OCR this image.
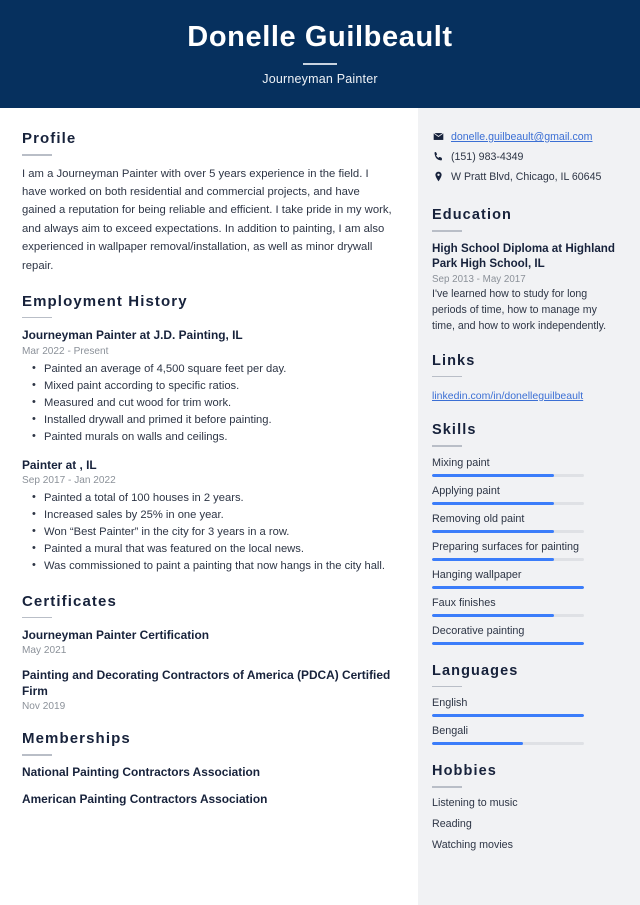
Donelle Guilbeault
Journeyman Painter
Profile
I am a Journeyman Painter with over 5 years experience in the field. I have worked on both residential and commercial projects, and have gained a reputation for being reliable and efficient. I take pride in my work, and always aim to exceed expectations. In addition to painting, I am also experienced in wallpaper removal/installation, as well as minor drywall repair.
Employment History
Journeyman Painter at J.D. Painting, IL
Mar 2022 - Present
• Painted an average of 4,500 square feet per day.
• Mixed paint according to specific ratios.
• Measured and cut wood for trim work.
• Installed drywall and primed it before painting.
• Painted murals on walls and ceilings.
Painter at , IL
Sep 2017 - Jan 2022
• Painted a total of 100 houses in 2 years.
• Increased sales by 25% in one year.
• Won “Best Painter” in the city for 3 years in a row.
• Painted a mural that was featured on the local news.
• Was commissioned to paint a painting that now hangs in the city hall.
Certificates
Journeyman Painter Certification
May 2021
Painting and Decorating Contractors of America (PDCA) Certified Firm
Nov 2019
Memberships
National Painting Contractors Association
American Painting Contractors Association
donelle.guilbeault@gmail.com
(151) 983-4349
W Pratt Blvd, Chicago, IL 60645
Education
High School Diploma at Highland Park High School, IL
Sep 2013 - May 2017
I've learned how to study for long periods of time, how to manage my time, and how to work independently.
Links
linkedin.com/in/donelleguilbeault
Skills
Mixing paint
Applying paint
Removing old paint
Preparing surfaces for painting
Hanging wallpaper
Faux finishes
Decorative painting
Languages
English
Bengali
Hobbies
Listening to music
Reading
Watching movies
